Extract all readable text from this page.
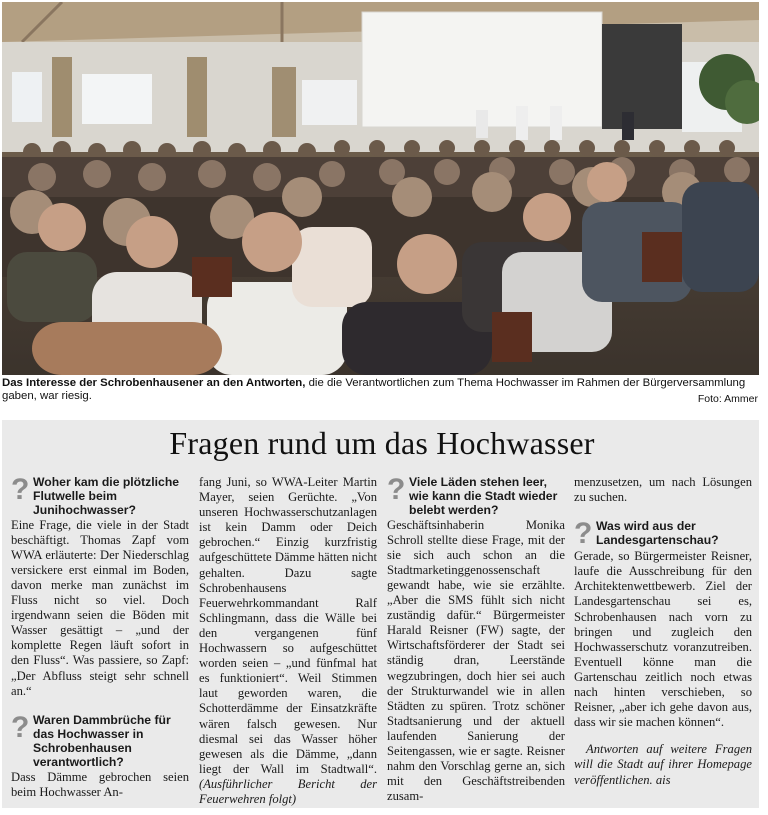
Das Interesse der Schrobenhausener an den Antworten, die die Verantwortlichen zum Thema Hochwasser im Rahmen der Bürgerversammlung gaben, war riesig.	Foto: Ammer
Fragen rund um das Hochwasser
? Woher kam die plötzliche Flutwelle beim Junihochwasser?

Eine Frage, die viele in der Stadt beschäftigt. Thomas Zapf vom WWA erläuterte: Der Niederschlag versickere erst einmal im Boden, davon merke man zunächst im Fluss nicht so viel. Doch irgendwann seien die Böden mit Wasser gesättigt – „und der komplette Regen läuft sofort in den Fluss“. Was passiere, so Zapf: „Der Abfluss steigt sehr schnell an.“

? Waren Dammbrüche für das Hochwasser in Schrobenhausen verantwortlich?

Dass Dämme gebrochen seien beim Hochwasser An-

fang Juni, so WWA-Leiter Martin Mayer, seien Gerüchte. „Von unseren Hochwasserschutzanlagen ist kein Damm oder Deich gebrochen.“ Einzig kurzfristig aufgeschüttete Dämme hätten nicht gehalten. Dazu sagte Schrobenhausens Feuerwehrkommandant Ralf Schlingmann, dass die Wälle bei den vergangenen fünf Hochwassern so aufgeschüttet worden seien – „und fünfmal hat es funktioniert“. Weil Stimmen laut geworden waren, die Schotterdämme der Einsatzkräfte wären falsch gewesen. Nur diesmal sei das Wasser höher gewesen als die Dämme, „dann liegt der Wall im Stadtwall“. (Ausführlicher Bericht der Feuerwehren folgt)

? Viele Läden stehen leer, wie kann die Stadt wieder belebt werden?

Geschäftsinhaberin Monika Schroll stellte diese Frage, mit der sie sich auch schon an die Stadtmarketinggenossenschaft gewandt habe, wie sie erzählte. „Aber die SMS fühlt sich nicht zuständig dafür.“ Bürgermeister Harald Reisner (FW) sagte, der Wirtschaftsförderer der Stadt sei ständig dran, Leerstände wegzubringen, doch hier sei auch der Strukturwandel wie in allen Städten zu spüren. Trotz schöner Stadtsanierung und der aktuell laufenden Sanierung der Seitengassen, wie er sagte. Reisner nahm den Vorschlag gerne an, sich mit den Geschäftstreibenden zusam-

menzusetzen, um nach Lösungen zu suchen.

? Was wird aus der Landesgartenschau?

Gerade, so Bürgermeister Reisner, laufe die Ausschreibung für den Architektenwettbewerb. Ziel der Landesgartenschau sei es, Schrobenhausen nach vorn zu bringen und zugleich den Hochwasserschutz voranzutreiben. Eventuell könne man die Gartenschau zeitlich noch etwas nach hinten verschieben, so Reisner, „aber ich gehe davon aus, dass wir sie machen können“.

Antworten auf weitere Fragen will die Stadt auf ihrer Homepage veröffentlichen. ais
